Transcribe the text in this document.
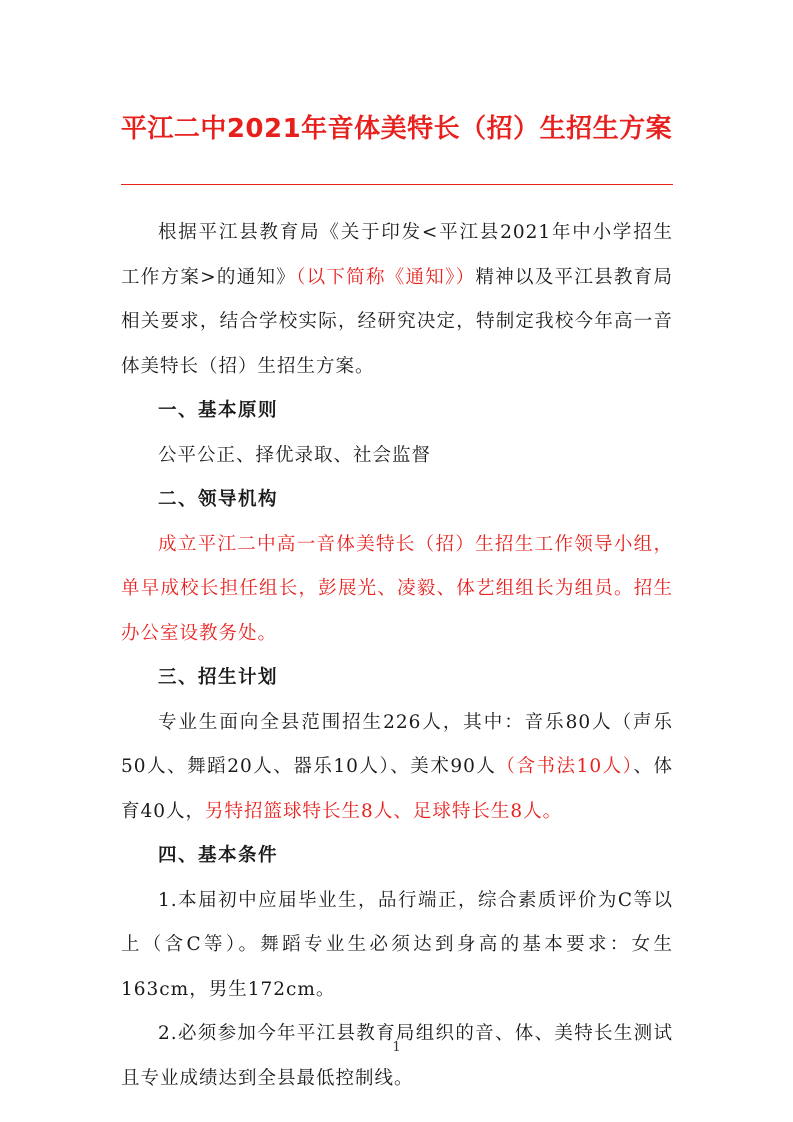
平江二中2021年音体美特长（招）生招生方案

根据平江县教育局《关于印发<平江县2021年中小学招生工作方案>的通知》（以下简称《通知》）精神以及平江县教育局相关要求，结合学校实际，经研究决定，特制定我校今年高一音体美特长（招）生招生方案。

一、基本原则

公平公正、择优录取、社会监督

二、领导机构

成立平江二中高一音体美特长（招）生招生工作领导小组，单早成校长担任组长，彭展光、凌毅、体艺组组长为组员。招生办公室设教务处。

三、招生计划

专业生面向全县范围招生226人，其中：音乐80人（声乐50人、舞蹈20人、器乐10人）、美术90人（含书法10人）、体育40人，另特招篮球特长生8人、足球特长生8人。

四、基本条件

1.本届初中应届毕业生，品行端正，综合素质评价为C等以上（含C等）。舞蹈专业生必须达到身高的基本要求：女生163cm，男生172cm。

2.必须参加今年平江县教育局组织的音、体、美特长生测试且专业成绩达到全县最低控制线。

1
